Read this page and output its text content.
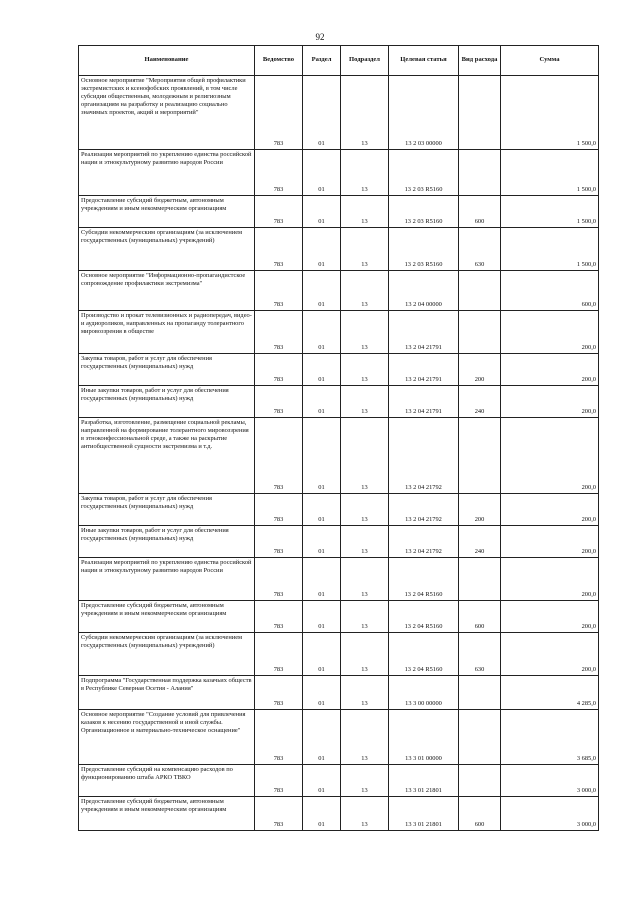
92
Наименование	Ведомство	Раздел	Подраздел	Целевая статья	Вид расхода	Сумма
Основное мероприятие "Мероприятия общей профилактики экстремистских и ксенофобских проявлений, в том числе субсидии общественным, молодежным и религиозным организациям на разработку и реализацию социально значимых проектов, акций и мероприятий"	783	01	13	13 2 03 00000		1 500,0
Реализация мероприятий по укреплению единства российской нации и этнокультурному развитию народов России	783	01	13	13 2 03 R5160		1 500,0
Предоставление субсидий бюджетным, автономным учреждениям и иным некоммерческим организациям	783	01	13	13 2 03 R5160	600	1 500,0
Субсидии некоммерческим организациям (за исключением государственных (муниципальных) учреждений)	783	01	13	13 2 03 R5160	630	1 500,0
Основное мероприятие "Информационно-пропагандистское сопровождение профилактики экстремизма"	783	01	13	13 2 04 00000		600,0
Производство и прокат телевизионных и радиопередач, видео- и аудиороликов, направленных на пропаганду толерантного мировоззрения в обществе	783	01	13	13 2 04 21791		200,0
Закупка товаров, работ и услуг для обеспечения государственных (муниципальных) нужд	783	01	13	13 2 04 21791	200	200,0
Иные закупки товаров, работ и услуг для обеспечения государственных (муниципальных) нужд	783	01	13	13 2 04 21791	240	200,0
Разработка, изготовление, размещение социальной рекламы, направленной на формирование толерантного мировоззрения в этноконфессиональной среде, а также на раскрытие антиобщественной сущности экстремизма и т.д.	783	01	13	13 2 04 21792		200,0
Закупка товаров, работ и услуг для обеспечения государственных (муниципальных) нужд	783	01	13	13 2 04 21792	200	200,0
Иные закупки товаров, работ и услуг для обеспечения государственных (муниципальных) нужд	783	01	13	13 2 04 21792	240	200,0
Реализация мероприятий по укреплению единства российской нации и этнокультурному развитию народов России	783	01	13	13 2 04 R5160		200,0
Предоставление субсидий бюджетным, автономным учреждениям и иным некоммерческим организациям	783	01	13	13 2 04 R5160	600	200,0
Субсидии некоммерческим организациям (за исключением государственных (муниципальных) учреждений)	783	01	13	13 2 04 R5160	630	200,0
Подпрограмма "Государственная поддержка казачьих обществ в Республике Северная Осетия - Алания"	783	01	13	13 3 00 00000		4 285,0
Основное мероприятие "Создание условий для привлечения казаков к несению государственной и иной службы. Организационное и материально-техническое оснащение"	783	01	13	13 3 01 00000		3 685,0
Предоставление субсидий на компенсацию расходов по функционированию штаба АРКО ТВКО	783	01	13	13 3 01 21801		3 000,0
Предоставление субсидий бюджетным, автономным учреждениям и иным некоммерческим организациям	783	01	13	13 3 01 21801	600	3 000,0
